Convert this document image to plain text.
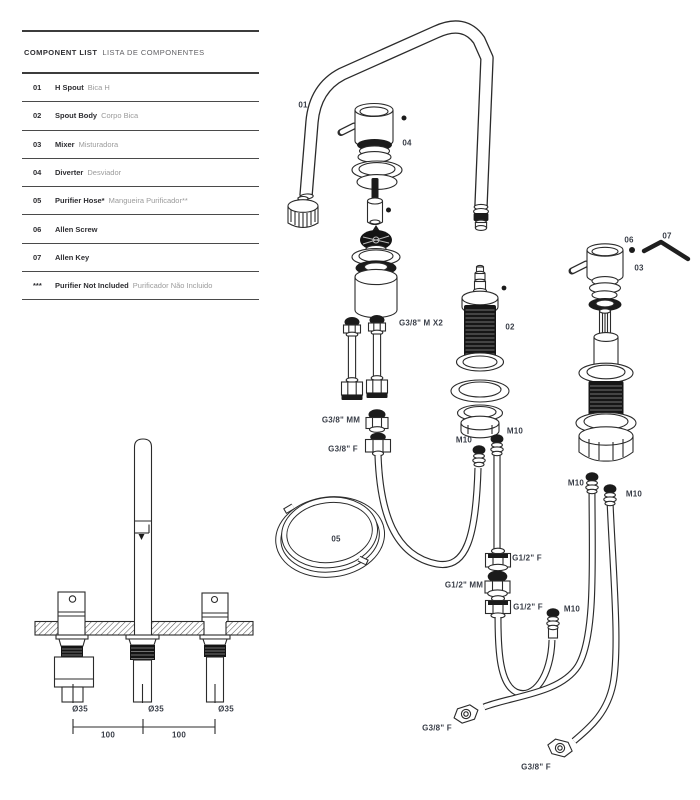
COMPONENT LIST LISTA DE COMPONENTES
01	H Spout Bica H
02	Spout Body Corpo Bica
03	Mixer Misturadora
04	Diverter Desviador
05	Purifier Hose* Mangueira Purificador**
06	Allen Screw
07	Allen Key
***	Purifier Not Included Purificador Não Incluido
01
04
02
06	07
03
05
G3/8" M X2
G3/8" MM
G3/8" F
M10
M10
M10
M10
G1/2" F
G1/2" MM
G1/2" F	M10
G3/8" F
G3/8" F
Ø35	Ø35	Ø35
100	100
